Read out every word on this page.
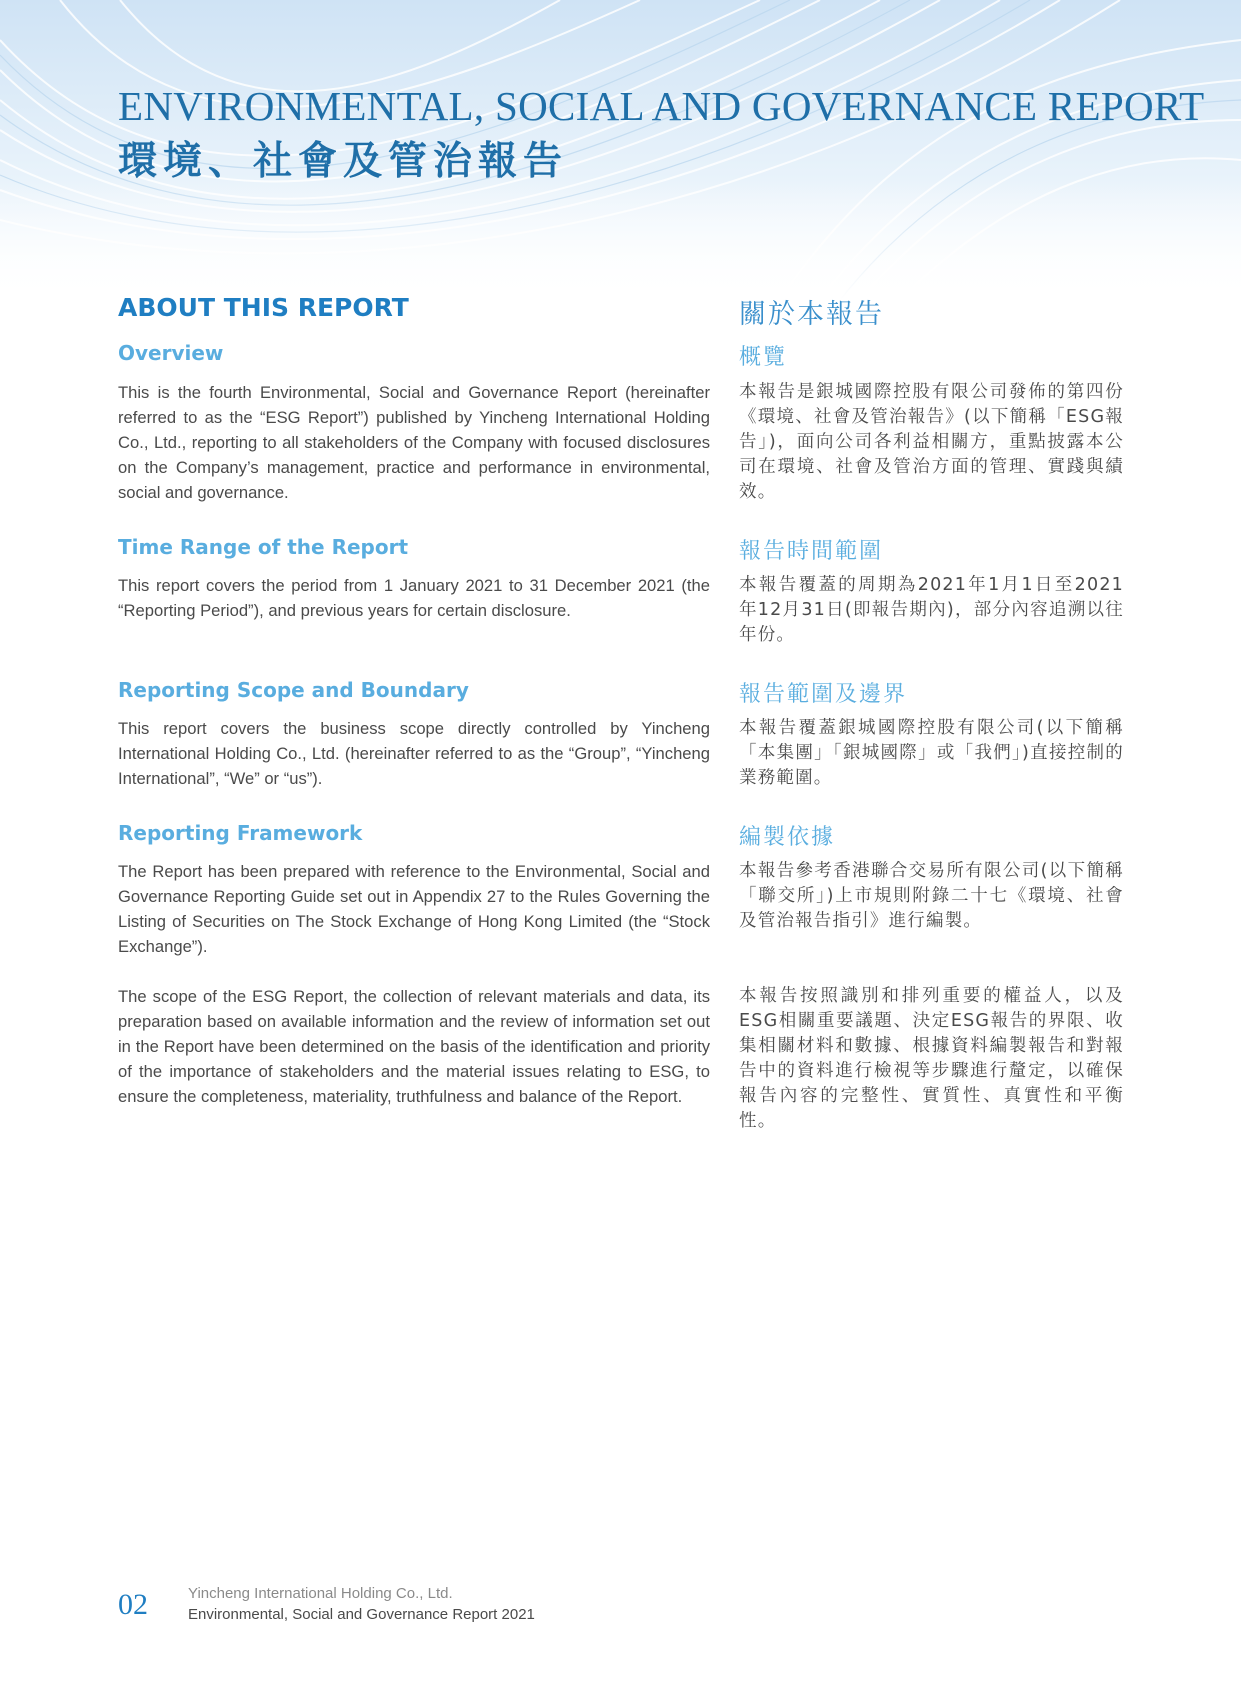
ENVIRONMENTAL, SOCIAL AND GOVERNANCE REPORT
環境、社會及管治報告
ABOUT THIS REPORT	關於本報告
Overview	概覽

This is the fourth Environmental, Social and Governance Report (hereinafter referred to as the “ESG Report”) published by Yincheng International Holding Co., Ltd., reporting to all stakeholders of the Company with focused disclosures on the Company’s management, practice and performance in environmental, social and governance.

本報告是銀城國際控股有限公司發佈的第四份《環境、社會及管治報告》(以下簡稱「ESG報告」)，面向公司各利益相關方，重點披露本公司在環境、社會及管治方面的管理、實踐與績效。

Time Range of the Report	報告時間範圍

This report covers the period from 1 January 2021 to 31 December 2021 (the “Reporting Period”), and previous years for certain disclosure.

本報告覆蓋的周期為2021年1月1日至2021年12月31日(即報告期內)，部分內容追溯以往年份。

Reporting Scope and Boundary	報告範圍及邊界

This report covers the business scope directly controlled by Yincheng International Holding Co., Ltd. (hereinafter referred to as the “Group”, “Yincheng International”, “We” or “us”).

本報告覆蓋銀城國際控股有限公司(以下簡稱「本集團」「銀城國際」或「我們」)直接控制的業務範圍。

Reporting Framework	編製依據

The Report has been prepared with reference to the Environmental, Social and Governance Reporting Guide set out in Appendix 27 to the Rules Governing the Listing of Securities on The Stock Exchange of Hong Kong Limited (the “Stock Exchange”).

本報告參考香港聯合交易所有限公司(以下簡稱「聯交所」)上市規則附錄二十七《環境、社會及管治報告指引》進行編製。

The scope of the ESG Report, the collection of relevant materials and data, its preparation based on available information and the review of information set out in the Report have been determined on the basis of the identification and priority of the importance of stakeholders and the material issues relating to ESG, to ensure the completeness, materiality, truthfulness and balance of the Report.

本報告按照識別和排列重要的權益人，以及ESG相關重要議題、決定ESG報告的界限、收集相關材料和數據、根據資料編製報告和對報告中的資料進行檢視等步驟進行釐定，以確保報告內容的完整性、實質性、真實性和平衡性。

02	Yincheng International Holding Co., Ltd.
Environmental, Social and Governance Report 2021
